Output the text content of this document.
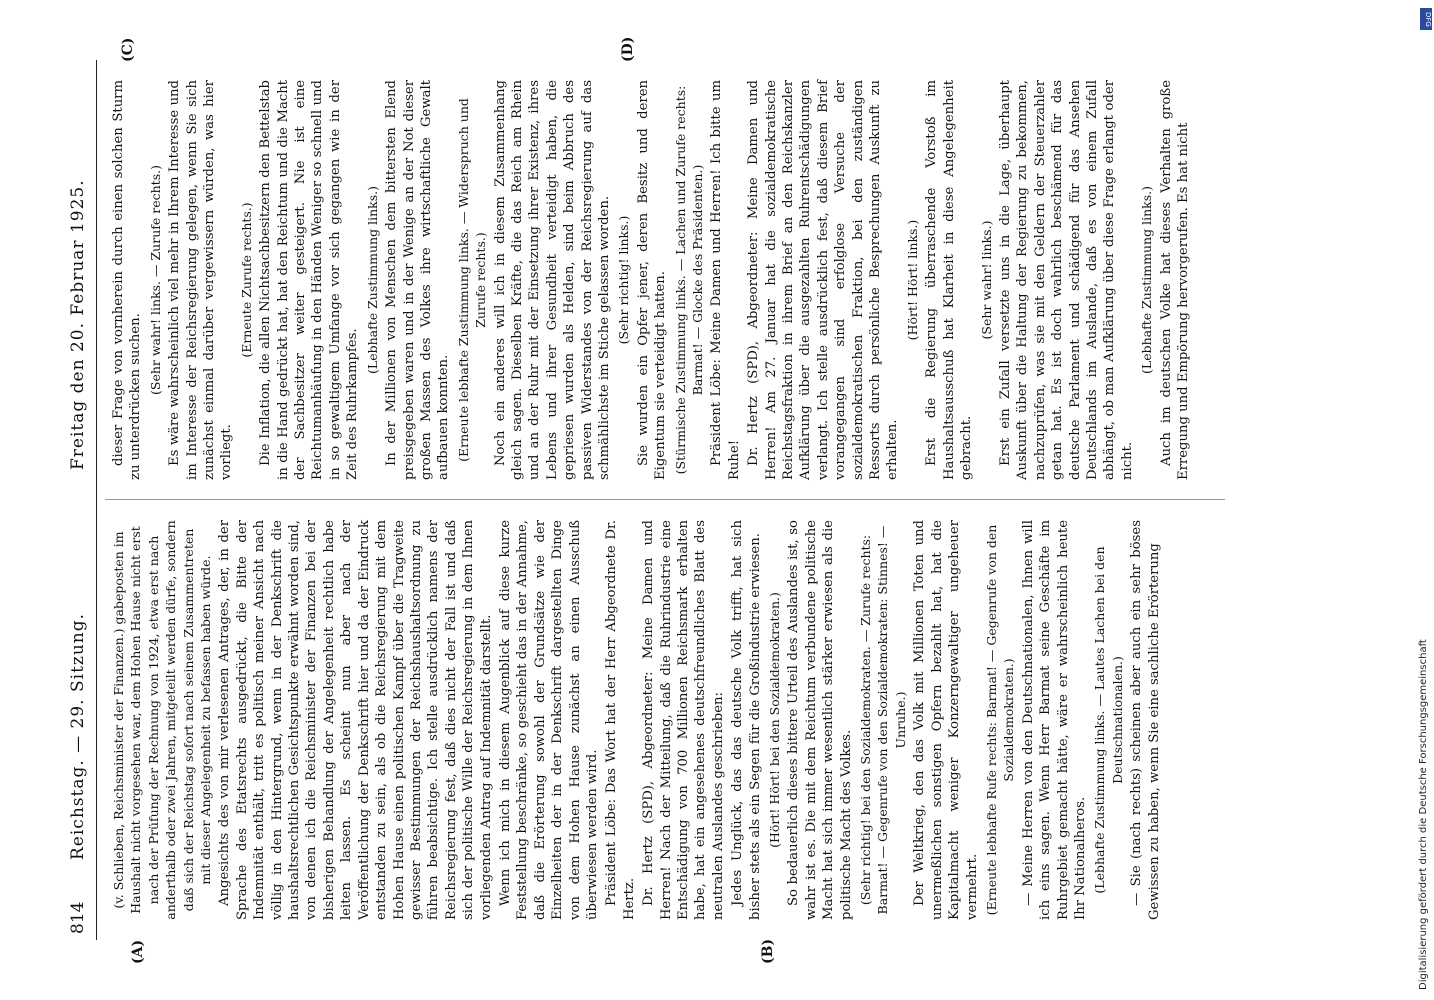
814
Reichstag. — 29. Sitzung.
Freitag den 20. Februar 1925.
(A)	(B)
(C)	(D)

(v. Schlieben, Reichsminister der Finanzen.) gabeposten im Haushalt nicht vorgesehen war, dem Hohen Hause nicht erst nach der Prüfung der Rechnung von 1924, etwa erst nach anderthalb oder zwei Jahren, mitgeteilt werden dürfe, sondern daß sich der Reichstag sofort nach seinem Zusammentreten mit dieser Angelegenheit zu befassen haben würde. Angesichts des von mir verlesenen Antrages, der, in der Sprache des Etatsrechts ausgedrückt, die Bitte der Indemnität enthält, tritt es politisch meiner Ansicht nach völlig in den Hintergrund, wenn in der Denkschrift die haushaltsrechtlichen Gesichtspunkte erwähnt worden sind, von denen ich die Reichsminister der Finanzen bei der bisherigen Behandlung der Angelegenheit rechtlich habe leiten lassen. Es scheint nun aber nach der Veröffentlichung der Denkschrift hier und da der Eindruck entstanden zu sein, als ob die Reichsregierung mit dem Hohen Hause einen politischen Kampf über die Tragweite gewisser Bestimmungen der Reichshaushaltsordnung zu führen beabsichtige. Ich stelle ausdrücklich namens der Reichsregierung fest, daß dies nicht der Fall ist und daß sich der politische Wille der Reichsregierung in dem Ihnen vorliegenden Antrag auf Indemnität darstellt. Wenn ich mich in diesem Augenblick auf diese kurze Feststellung beschränke, so geschieht das in der Annahme, daß die Erörterung sowohl der Grundsätze wie der Einzelheiten der in der Denkschrift dargestellten Dinge von dem Hohen Hause zunächst an einen Ausschuß überwiesen werden wird. Präsident Löbe: Das Wort hat der Herr Abgeordnete Dr. Hertz. Dr. Hertz (SPD), Abgeordneter: Meine Damen und Herren! Nach der Mitteilung, daß die Ruhrindustrie eine Entschädigung von 700 Millionen Reichsmark erhalten habe, hat ein angesehenes deutschfreundliches Blatt des neutralen Auslandes geschrieben: Jedes Unglück, das das deutsche Volk trifft, hat sich bisher stets als ein Segen für die Großindustrie erwiesen. (Hört! Hört! bei den Sozialdemokraten.) So bedauerlich dieses bittere Urteil des Auslandes ist, so wahr ist es. Die mit dem Reichtum verbundene politische Macht hat sich immer wesentlich stärker erwiesen als die politische Macht des Volkes. (Sehr richtig! bei den Sozialdemokraten. — Zurufe rechts: Barmat! — Gegenrufe von den Sozialdemokraten: Stinnes! — Unruhe.) Der Weltkrieg, den das Volk mit Millionen Toten und unermeßlichen sonstigen Opfern bezahlt hat, hat die Kapitalmacht weniger Konzerngewaltiger ungeheuer vermehrt. (Erneute lebhafte Rufe rechts: Barmat! — Gegenrufe von den Sozialdemokraten.) — Meine Herren von den Deutschnationalen, Ihnen will ich eins sagen. Wenn Herr Barmat seine Geschäfte im Ruhrgebiet gemacht hätte, wäre er wahrscheinlich heute Ihr Nationalheros. (Lebhafte Zustimmung links. — Lautes Lachen bei den Deutschnationalen.) — Sie (nach rechts) scheinen aber auch ein sehr böses Gewissen zu haben, wenn Sie eine sachliche Erörterung

dieser Frage von vornherein durch einen solchen Sturm zu unterdrücken suchen.

(Sehr wahr! links. — Zurufe rechts.) Es wäre wahrscheinlich viel mehr in Ihrem Interesse und im Interesse der Reichsregierung gelegen, wenn Sie sich zunächst einmal darüber vergewissern würden, was hier vorliegt.

(Erneute Zurufe rechts.) Die Inflation, die allen Nichtsachbesitzern den Bettelstab in die Hand gedrückt hat, hat den Reichtum und die Macht der Sachbesitzer weiter gesteigert. Nie ist eine Reichtumanhäufung in den Händen Weniger so schnell und in so gewaltigem Umfange vor sich gegangen wie in der Zeit des Ruhrkampfes.

(Lebhafte Zustimmung links.) In der Millionen von Menschen dem bittersten Elend preisgegeben waren und in der Wenige an der Not dieser großen Massen des Volkes ihre wirtschaftliche Gewalt aufbauen konnten. (Erneute lebhafte Zustimmung links. — Widerspruch und Zurufe rechts.) Noch ein anderes will ich in diesem Zusammenhang gleich sagen. Dieselben Kräfte, die das Reich am Rhein und an der Ruhr mit der Einsetzung ihrer Existenz, ihres Lebens und ihrer Gesundheit verteidigt haben, die gepriesen wurden als Helden, sind beim Abbruch des passiven Widerstandes von der Reichsregierung auf das schmählichste im Stiche gelassen worden. (Sehr richtig! links.) Sie wurden ein Opfer jener, deren Besitz und deren Eigentum sie verteidigt hatten. (Stürmische Zustimmung links. — Lachen und Zurufe rechts: Barmat! — Glocke des Präsidenten.) Präsident Löbe: Meine Damen und Herren! Ich bitte um Ruhe! Dr. Hertz (SPD), Abgeordneter: Meine Damen und Herren! Am 27. Januar hat die sozialdemokratische Reichstagsfraktion in ihrem Brief an den Reichskanzler Aufklärung über die ausgezahlten Ruhrentschädigungen verlangt. Ich stelle ausdrücklich fest, daß diesem Brief vorangegangen sind erfolglose Versuche der sozialdemokratischen Fraktion, bei den zuständigen Ressorts durch persönliche Besprechungen Auskunft zu erhalten.

(Hört! Hört! links.) Erst die Regierung überraschende Vorstoß im Haushaltsausschuß hat Klarheit in diese Angelegenheit gebracht.

(Sehr wahr! links.) Erst ein Zufall versetzte uns in die Lage, überhaupt Auskunft über die Haltung der Regierung zu bekommen, nachzuprüfen, was sie mit den Geldern der Steuerzahler getan hat. Es ist doch wahrlich beschämend für das deutsche Parlament und schädigend für das Ansehen Deutschlands im Auslande, daß es von einem Zufall abhängt, ob man Aufklärung über diese Frage erlangt oder nicht.

(Lebhafte Zustimmung links.) Auch im deutschen Volke hat dieses Verhalten große Erregung und Empörung hervorgerufen. Es hat nicht

Digitalisierung gefördert durch die Deutsche Forschungsgemeinschaft
DFG
